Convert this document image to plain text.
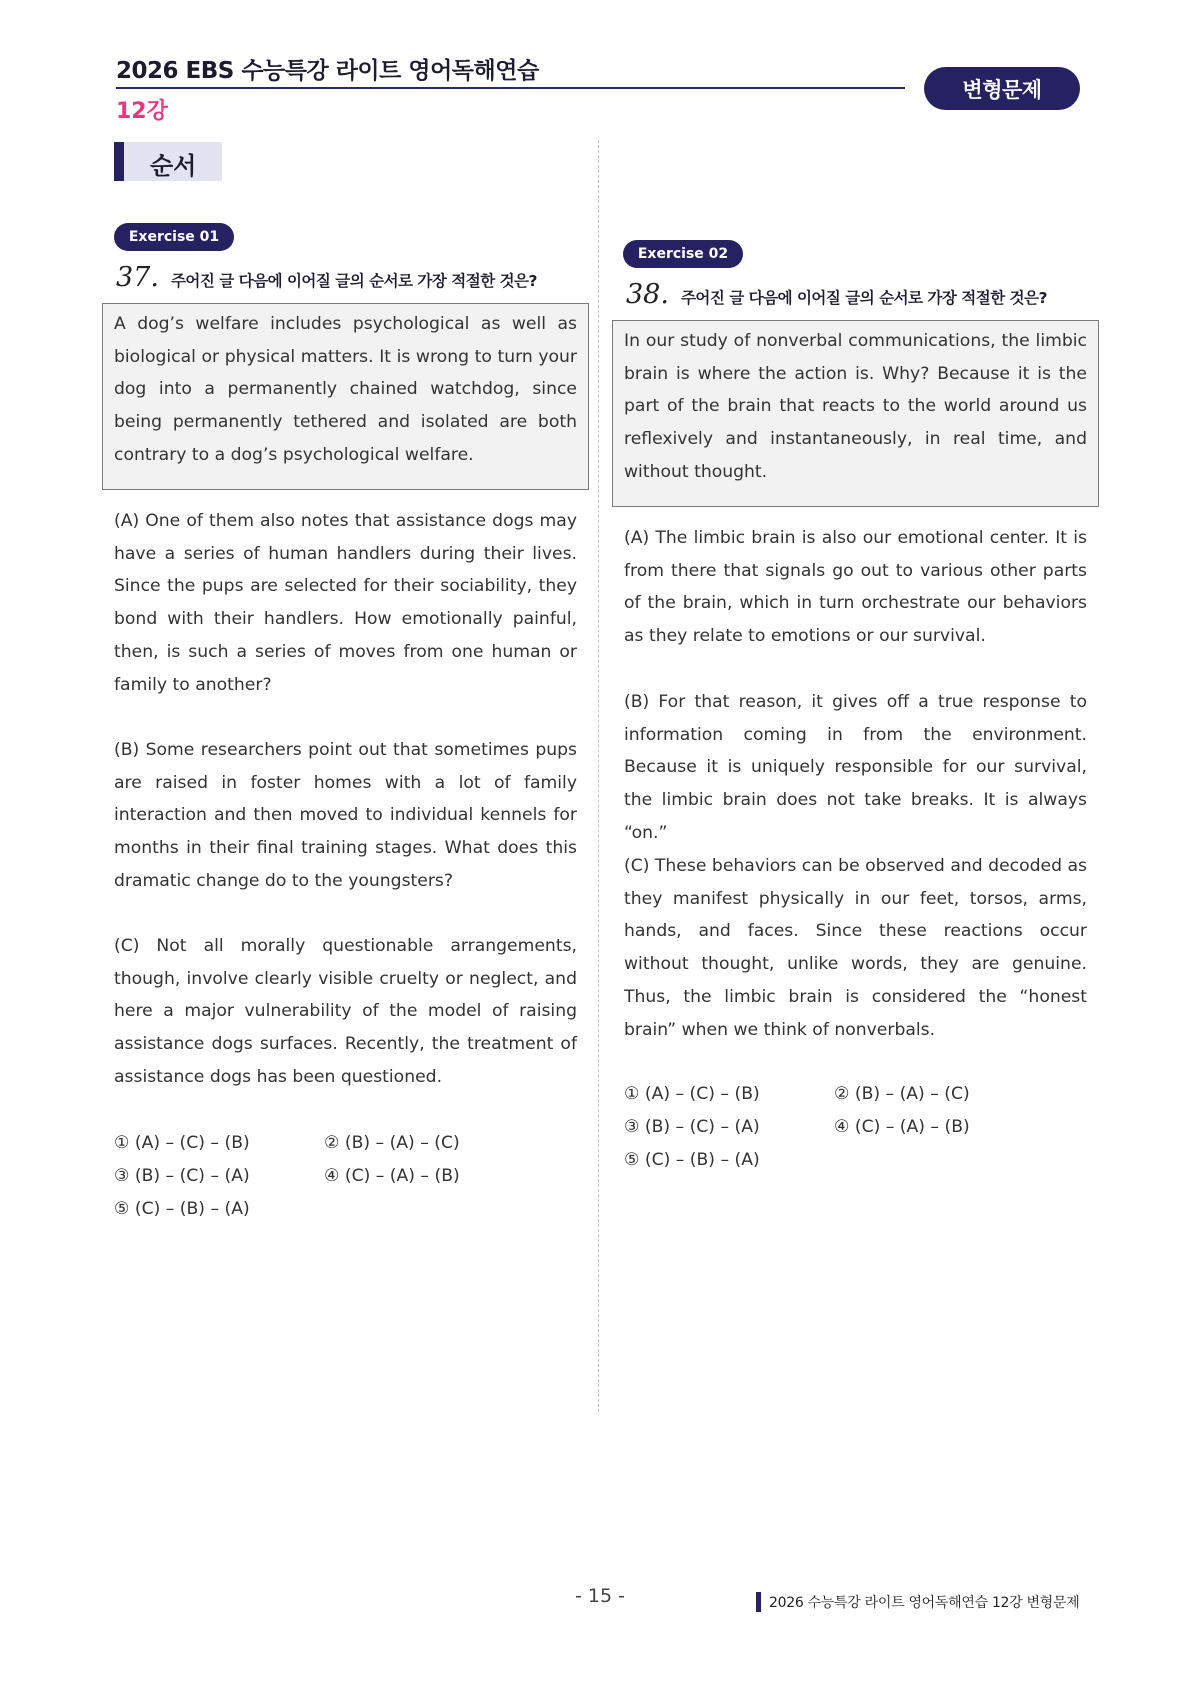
2026 EBS 수능특강 라이트 영어독해연습
12강
변형문제
순서
Exercise 01
37. 주어진 글 다음에 이어질 글의 순서로 가장 적절한 것은?

A dog’s welfare includes psychological as well as biological or physical matters. It is wrong to turn your dog into a permanently chained watchdog, since being permanently tethered and isolated are both contrary to a dog’s psychological welfare.

(A) One of them also notes that assistance dogs may have a series of human handlers during their lives. Since the pups are selected for their sociability, they bond with their handlers. How emotionally painful, then, is such a series of moves from one human or family to another?

(B) Some researchers point out that sometimes pups are raised in foster homes with a lot of family interaction and then moved to individual kennels for months in their final training stages. What does this dramatic change do to the youngsters?

(C) Not all morally questionable arrangements, though, involve clearly visible cruelty or neglect, and here a major vulnerability of the model of raising assistance dogs surfaces. Recently, the treatment of assistance dogs has been questioned.

① (A) – (C) – (B)	② (B) – (A) – (C)
③ (B) – (C) – (A)	④ (C) – (A) – (B)
⑤ (C) – (B) – (A)
Exercise 02
38. 주어진 글 다음에 이어질 글의 순서로 가장 적절한 것은?

In our study of nonverbal communications, the limbic brain is where the action is. Why? Because it is the part of the brain that reacts to the world around us reflexively and instantaneously, in real time, and without thought.

(A) The limbic brain is also our emotional center. It is from there that signals go out to various other parts of the brain, which in turn orchestrate our behaviors as they relate to emotions or our survival.

(B) For that reason, it gives off a true response to information coming in from the environment. Because it is uniquely responsible for our survival, the limbic brain does not take breaks. It is always “on.”

(C) These behaviors can be observed and decoded as they manifest physically in our feet, torsos, arms, hands, and faces. Since these reactions occur without thought, unlike words, they are genuine. Thus, the limbic brain is considered the “honest brain” when we think of nonverbals.

① (A) – (C) – (B)	② (B) – (A) – (C)
③ (B) – (C) – (A)	④ (C) – (A) – (B)
⑤ (C) – (B) – (A)
- 15 -	2026 수능특강 라이트 영어독해연습 12강 변형문제
